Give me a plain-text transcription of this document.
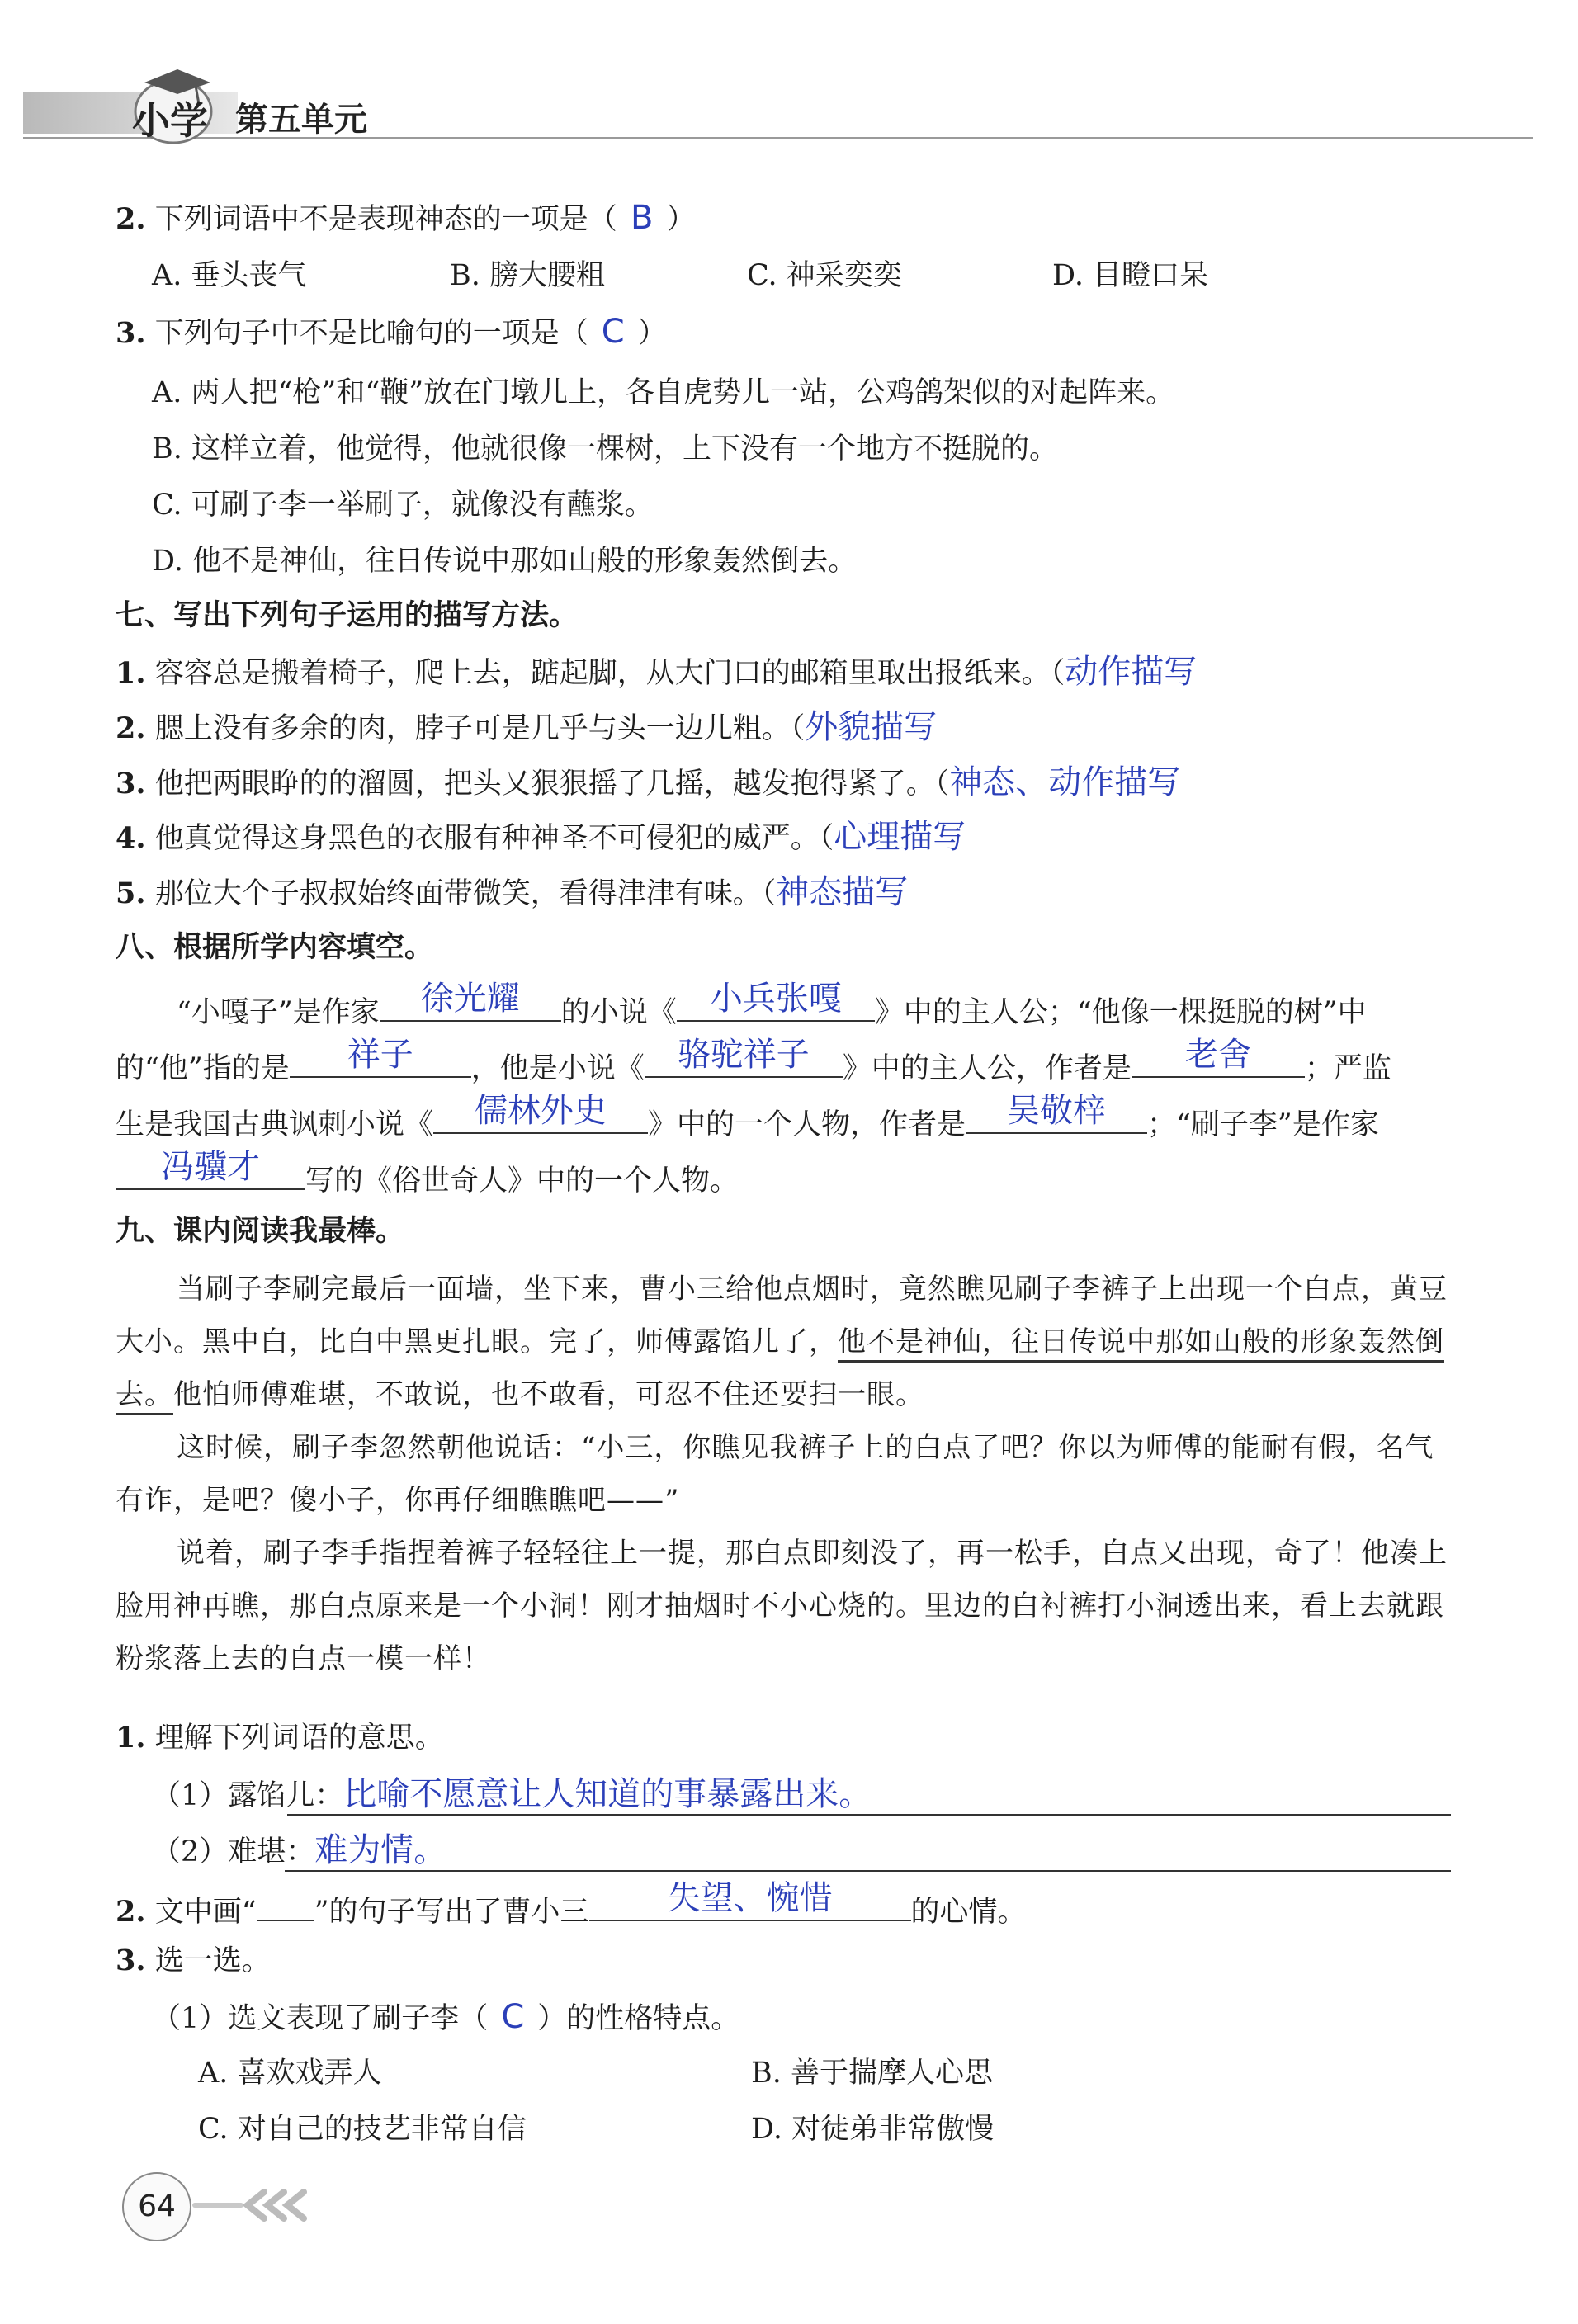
小学 第五单元
2. 下列词语中不是表现神态的一项是（ B ）
A. 垂头丧气	B. 膀大腰粗	C. 神采奕奕	D. 目瞪口呆
3. 下列句子中不是比喻句的一项是（ C ）
A. 两人把“枪”和“鞭”放在门墩儿上，各自虎势儿一站，公鸡鸽架似的对起阵来。
B. 这样立着，他觉得，他就很像一棵树，上下没有一个地方不挺脱的。
C. 可刷子李一举刷子，就像没有蘸浆。
D. 他不是神仙，往日传说中那如山般的形象轰然倒去。
七、写出下列句子运用的描写方法。
1. 容容总是搬着椅子，爬上去，踮起脚，从大门口的邮箱里取出报纸来。（动作描写
2. 腮上没有多余的肉，脖子可是几乎与头一边儿粗。（外貌描写
3. 他把两眼睁的的溜圆，把头又狠狠摇了几摇，越发抱得紧了。（神态、动作描写
4. 他真觉得这身黑色的衣服有种神圣不可侵犯的威严。（心理描写
5. 那位大个子叔叔始终面带微笑，看得津津有味。（神态描写
八、根据所学内容填空。
“小嘎子”是作家	徐光耀	的小说《	小兵张嘎	》中的主人公；“他像一棵挺脱的树”中
的“他”指的是	祥子	，他是小说《	骆驼祥子	》中的主人公，作者是	老舍	；严监
生是我国古典讽刺小说《	儒林外史	》中的一个人物，作者是	吴敬梓	；“刷子李”是作家
冯骥才	写的《俗世奇人》中的一个人物。
九、课内阅读我最棒。

当刷子李刷完最后一面墙，坐下来，曹小三给他点烟时，竟然瞧见刷子李裤子上出现一个白点，黄豆大小。黑中白，比白中黑更扎眼。完了，师傅露馅儿了，他不是神仙，往日传说中那如山般的形象轰然倒去。他怕师傅难堪，不敢说，也不敢看，可忍不住还要扫一眼。

这时候，刷子李忽然朝他说话：“小三，你瞧见我裤子上的白点了吧？你以为师傅的能耐有假，名气有诈，是吧？傻小子，你再仔细瞧瞧吧——”

说着，刷子李手指捏着裤子轻轻往上一提，那白点即刻没了，再一松手，白点又出现，奇了！他凑上脸用神再瞧，那白点原来是一个小洞！刚才抽烟时不小心烧的。里边的白衬裤打小洞透出来，看上去就跟粉浆落上去的白点一模一样！

1. 理解下列词语的意思。
（1）露馅儿：比喻不愿意让人知道的事暴露出来。
（2）难堪：难为情。
2. 文中画“ ”的句子写出了曹小三	失望、惋惜	的心情。
3. 选一选。
（1）选文表现了刷子李（ C ）的性格特点。
A. 喜欢戏弄人	B. 善于揣摩人心思
C. 对自己的技艺非常自信	D. 对徒弟非常傲慢
64
